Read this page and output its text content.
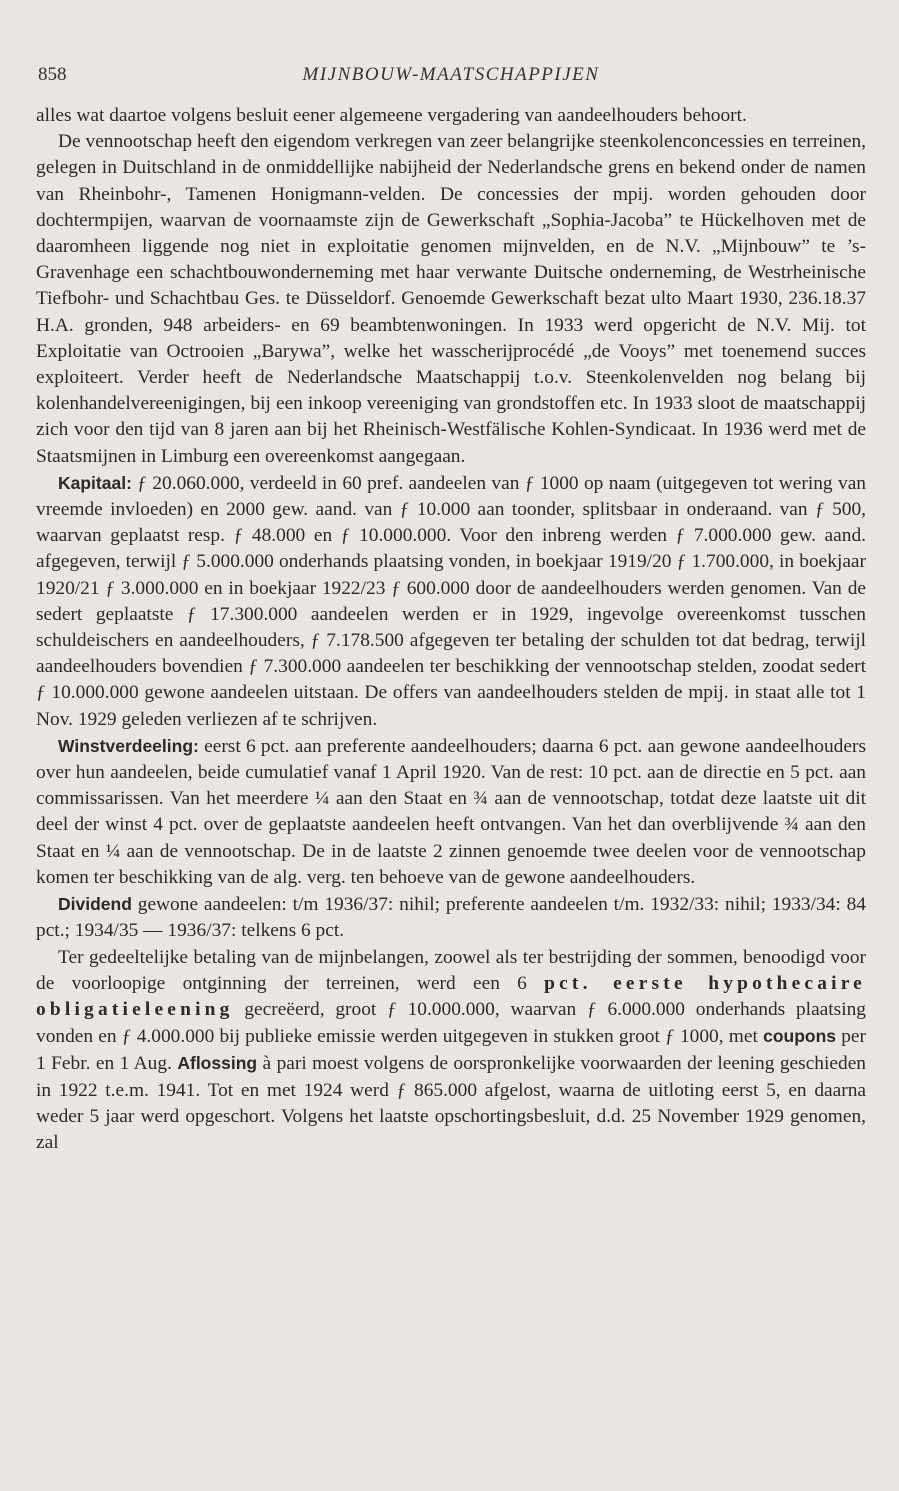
858	MIJNBOUW-MAATSCHAPPIJEN

alles wat daartoe volgens besluit eener algemeene vergadering van aandeelhouders behoort.

De vennootschap heeft den eigendom verkregen van zeer belangrijke steenkolenconcessies en terreinen, gelegen in Duitschland in de onmiddellijke nabijheid der Nederlandsche grens en bekend onder de namen van Rheinbohr-, Tamenen Honigmann-velden. De concessies der mpij. worden gehouden door dochtermpijen, waarvan de voornaamste zijn de Gewerkschaft „Sophia-Jacoba” te Hückelhoven met de daaromheen liggende nog niet in exploitatie genomen mijnvelden, en de N.V. „Mijnbouw” te ’s-Gravenhage een schachtbouwonderneming met haar verwante Duitsche onderneming, de Westrheinische Tiefbohr- und Schachtbau Ges. te Düsseldorf. Genoemde Gewerkschaft bezat ulto Maart 1930, 236.18.37 H.A. gronden, 948 arbeiders- en 69 beambtenwoningen. In 1933 werd opgericht de N.V. Mij. tot Exploitatie van Octrooien „Barywa”, welke het wasscherijprocédé „de Vooys” met toenemend succes exploiteert. Verder heeft de Nederlandsche Maatschappij t.o.v. Steenkolenvelden nog belang bij kolenhandelvereenigingen, bij een inkoop vereeniging van grondstoffen etc. In 1933 sloot de maatschappij zich voor den tijd van 8 jaren aan bij het Rheinisch-Westfälische Kohlen-Syndicaat. In 1936 werd met de Staatsmijnen in Limburg een overeenkomst aangegaan.

Kapitaal: ƒ 20.060.000, verdeeld in 60 pref. aandeelen van ƒ 1000 op naam (uitgegeven tot wering van vreemde invloeden) en 2000 gew. aand. van ƒ 10.000 aan toonder, splitsbaar in onderaand. van ƒ 500, waarvan geplaatst resp. ƒ 48.000 en ƒ 10.000.000. Voor den inbreng werden ƒ 7.000.000 gew. aand. afgegeven, terwijl ƒ 5.000.000 onderhands plaatsing vonden, in boekjaar 1919/20 ƒ 1.700.000, in boekjaar 1920/21 ƒ 3.000.000 en in boekjaar 1922/23 ƒ 600.000 door de aandeelhouders werden genomen. Van de sedert geplaatste ƒ 17.300.000 aandeelen werden er in 1929, ingevolge overeenkomst tusschen schuldeischers en aandeelhouders, ƒ 7.178.500 afgegeven ter betaling der schulden tot dat bedrag, terwijl aandeelhouders bovendien ƒ 7.300.000 aandeelen ter beschikking der vennootschap stelden, zoodat sedert ƒ 10.000.000 gewone aandeelen uitstaan. De offers van aandeelhouders stelden de mpij. in staat alle tot 1 Nov. 1929 geleden verliezen af te schrijven.

Winstverdeeling: eerst 6 pct. aan preferente aandeelhouders; daarna 6 pct. aan gewone aandeelhouders over hun aandeelen, beide cumulatief vanaf 1 April 1920. Van de rest: 10 pct. aan de directie en 5 pct. aan commissarissen. Van het meerdere ¼ aan den Staat en ¾ aan de vennootschap, totdat deze laatste uit dit deel der winst 4 pct. over de geplaatste aandeelen heeft ontvangen. Van het dan overblijvende ¾ aan den Staat en ¼ aan de vennootschap. De in de laatste 2 zinnen genoemde twee deelen voor de vennootschap komen ter beschikking van de alg. verg. ten behoeve van de gewone aandeelhouders.

Dividend gewone aandeelen: t/m 1936/37: nihil; preferente aandeelen t/m. 1932/33: nihil; 1933/34: 84 pct.; 1934/35 — 1936/37: telkens 6 pct.

Ter gedeeltelijke betaling van de mijnbelangen, zoowel als ter bestrijding der sommen, benoodigd voor de voorloopige ontginning der terreinen, werd een 6 pct. eerste hypothecaire obligatieleening gecreëerd, groot ƒ 10.000.000, waarvan ƒ 6.000.000 onderhands plaatsing vonden en ƒ 4.000.000 bij publieke emissie werden uitgegeven in stukken groot ƒ 1000, met coupons per 1 Febr. en 1 Aug. Aflossing à pari moest volgens de oorspronkelijke voorwaarden der leening geschieden in 1922 t.e.m. 1941. Tot en met 1924 werd ƒ 865.000 afgelost, waarna de uitloting eerst 5, en daarna weder 5 jaar werd opgeschort. Volgens het laatste opschortingsbesluit, d.d. 25 November 1929 genomen, zal
